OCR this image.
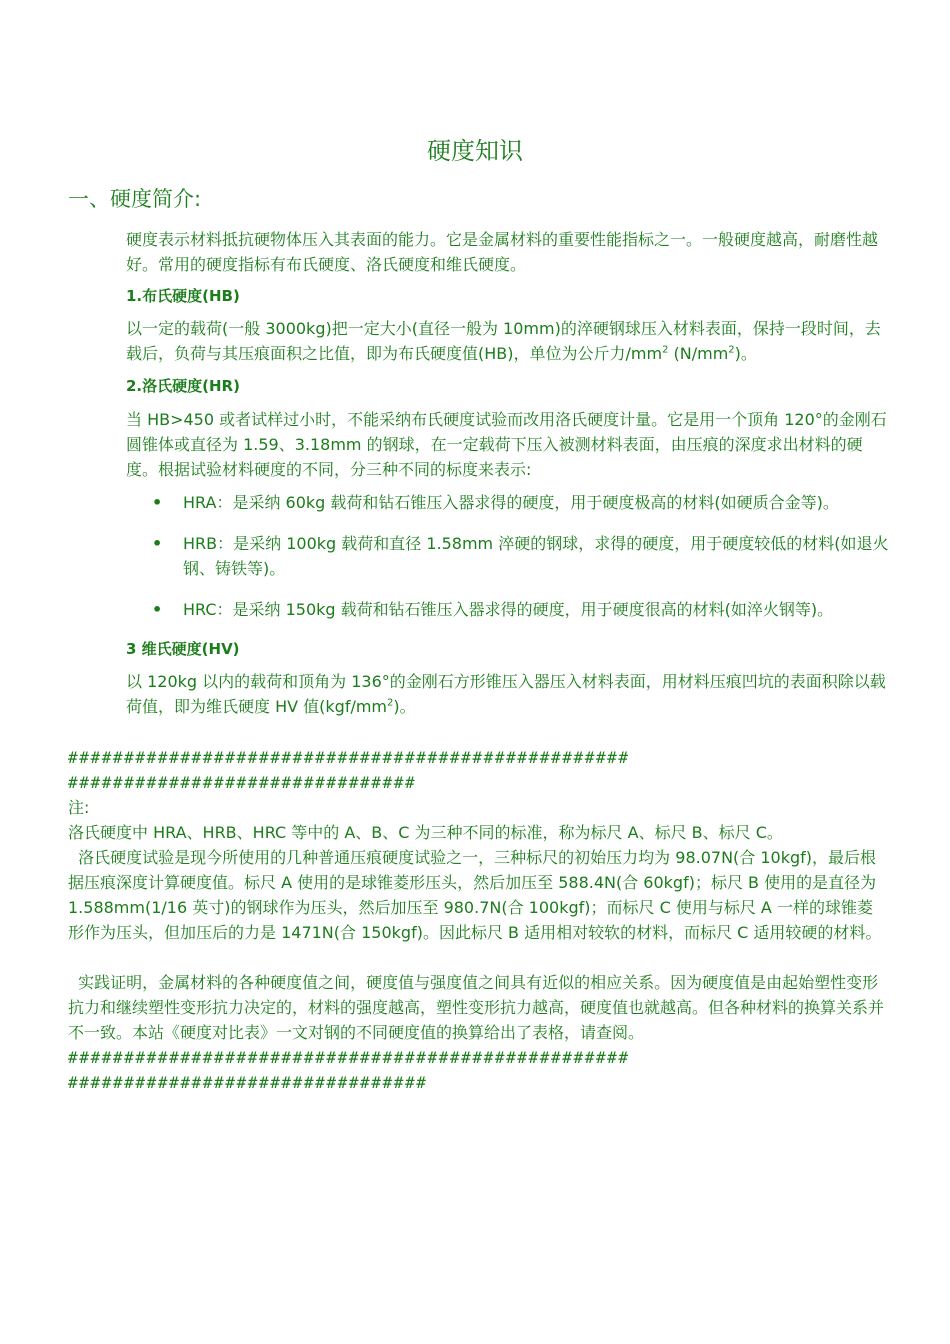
硬度知识
一、硬度简介:
硬度表示材料抵抗硬物体压入其表面的能力。它是金属材料的重要性能指标之一。一般硬度越高，耐磨性越好。常用的硬度指标有布氏硬度、洛氏硬度和维氏硬度。
1.布氏硬度(HB)
以一定的载荷(一般 3000kg)把一定大小(直径一般为 10mm)的淬硬钢球压入材料表面，保持一段时间，去载后，负荷与其压痕面积之比值，即为布氏硬度值(HB)，单位为公斤力$/mm^2$ $(N/mm^2)$。
2.洛氏硬度(HR)
当 HB>450 或者试样过小时，不能采纳布氏硬度试验而改用洛氏硬度计量。它是用一个顶角 120°的金刚石圆锥体或直径为 1.59、3.18mm 的钢球，在一定载荷下压入被测材料表面，由压痕的深度求出材料的硬度。根据试验材料硬度的不同，分三种不同的标度来表示:
•	HRA：是采纳 60kg 载荷和钻石锥压入器求得的硬度，用于硬度极高的材料(如硬质合金等)。
•	HRB：是采纳 100kg 载荷和直径 1.58mm 淬硬的钢球，求得的硬度，用于硬度较低的材料(如退火钢、铸铁等)。
•	HRC：是采纳 150kg 载荷和钻石锥压入器求得的硬度，用于硬度很高的材料(如淬火钢等)。
3 维氏硬度(HV)
以 120kg 以内的载荷和顶角为 136°的金刚石方形锥压入器压入材料表面，用材料压痕凹坑的表面积除以载荷值，即为维氏硬度 HV 值$(kgf/mm^2)$。
##################################################
###############################
注:
洛氏硬度中 HRA、HRB、HRC 等中的 A、B、C 为三种不同的标准，称为标尺 A、标尺 B、标尺 C。
洛氏硬度试验是现今所使用的几种普通压痕硬度试验之一，三种标尺的初始压力均为 98.07N(合 10kgf)，最后根据压痕深度计算硬度值。标尺 A 使用的是球锥菱形压头，然后加压至 588.4N(合 60kgf)；标尺 B 使用的是直径为 1.588mm(1/16 英寸)的钢球作为压头，然后加压至 980.7N(合 100kgf)；而标尺 C 使用与标尺 A 一样的球锥菱形作为压头，但加压后的力是 1471N(合 150kgf)。因此标尺 B 适用相对较软的材料，而标尺 C 适用较硬的材料。
实践证明，金属材料的各种硬度值之间，硬度值与强度值之间具有近似的相应关系。因为硬度值是由起始塑性变形抗力和继续塑性变形抗力决定的，材料的强度越高，塑性变形抗力越高，硬度值也就越高。但各种材料的换算关系并不一致。本站《硬度对比表》一文对钢的不同硬度值的换算给出了表格，请查阅。
##################################################
################################
